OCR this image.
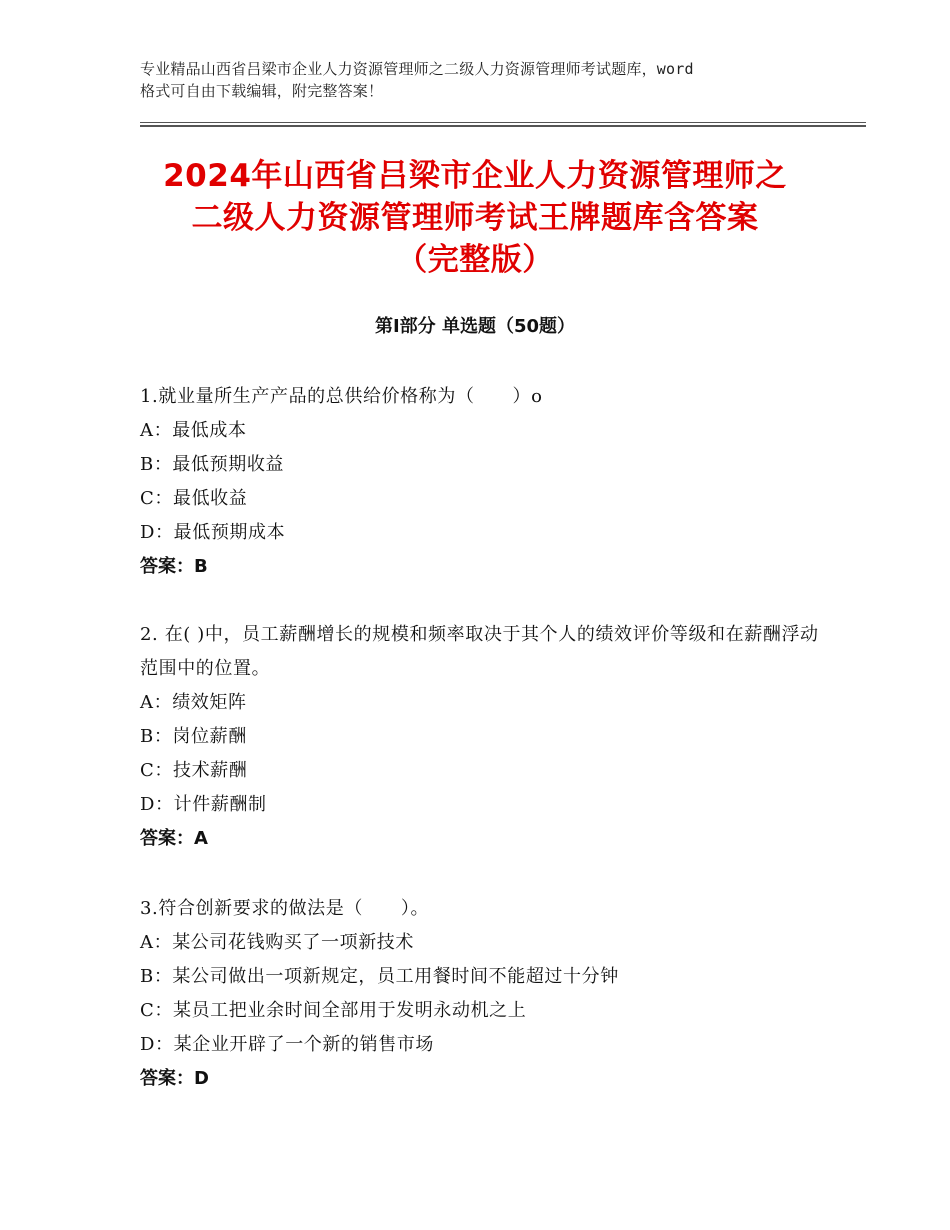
专业精品山西省吕梁市企业人力资源管理师之二级人力资源管理师考试题库，word
格式可自由下载编辑，附完整答案！
2024年山西省吕梁市企业人力资源管理师之
二级人力资源管理师考试王牌题库含答案
（完整版）
第Ⅰ部分 单选题（50题）
1.就业量所生产产品的总供给价格称为（      ）o
A：最低成本
B：最低预期收益
C：最低收益
D：最低预期成本
答案：B
2. 在( )中，员工薪酬增长的规模和频率取决于其个人的绩效评价等级和在薪酬浮动范围中的位置。
A：绩效矩阵
B：岗位薪酬
C：技术薪酬
D：计件薪酬制
答案：A
3.符合创新要求的做法是（      ）。
A：某公司花钱购买了一项新技术
B：某公司做出一项新规定，员工用餐时间不能超过十分钟
C：某员工把业余时间全部用于发明永动机之上
D：某企业开辟了一个新的销售市场
答案：D
